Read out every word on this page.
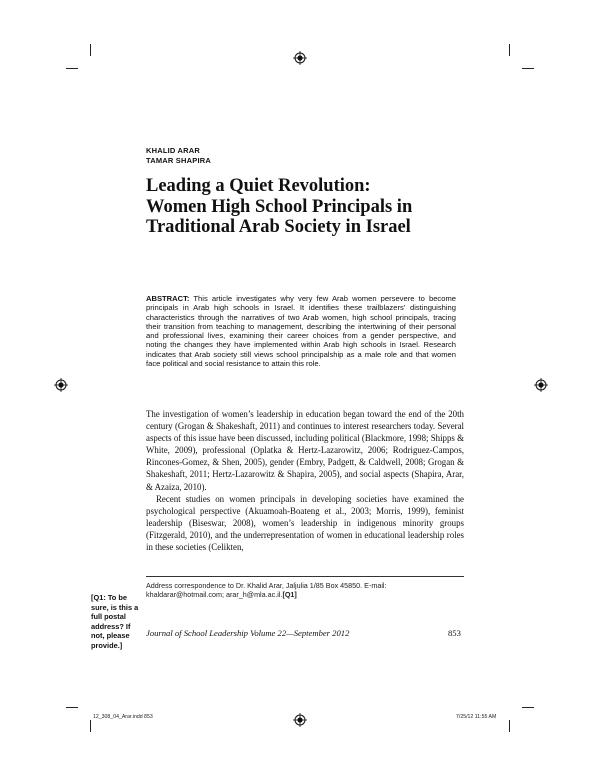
KHALID ARAR
TAMAR SHAPIRA
Leading a Quiet Revolution:
Women High School Principals in
Traditional Arab Society in Israel
ABSTRACT: This article investigates why very few Arab women persevere to become principals in Arab high schools in Israel. It identifies these trailblazers’ distinguishing characteristics through the narratives of two Arab women, high school principals, tracing their transition from teaching to management, describing the intertwining of their personal and professional lives, examining their career choices from a gender perspective, and noting the changes they have implemented within Arab high schools in Israel. Research indicates that Arab society still views school principalship as a male role and that women face political and social resistance to attain this role.

The investigation of women’s leadership in education began toward the end of the 20th century (Grogan & Shakeshaft, 2011) and continues to interest researchers today. Several aspects of this issue have been discussed, including political (Blackmore, 1998; Shipps & White, 2009), professional (Oplatka & Hertz-Lazarowitz, 2006; Rodriguez-Campos, Rincones-Gomez, & Shen, 2005), gender (Embry, Padgett, & Caldwell, 2008; Grogan & Shakeshaft, 2011; Hertz-Lazarowitz & Shapira, 2005), and social aspects (Shapira, Arar, & Azaiza, 2010).

Recent studies on women principals in developing societies have examined the psychological perspective (Akuamoah-Boateng et al., 2003; Morris, 1999), feminist leadership (Biseswar, 2008), women’s leadership in indigenous minority groups (Fitzgerald, 2010), and the underrepresentation of women in educational leadership roles in these societies (Celikten,

Address correspondence to Dr. Khalid Arar, Jaljulia 1/85 Box 45850. E-mail: khaldarar@hotmail.com; arar_h@mla.ac.il.[Q1]
[Q1: To be sure, is this a full postal address? If not, please provide.]
Journal of School Leadership Volume 22—September 2012	853
12_308_04_Arar.indd 853	7/25/12 11:55 AM
